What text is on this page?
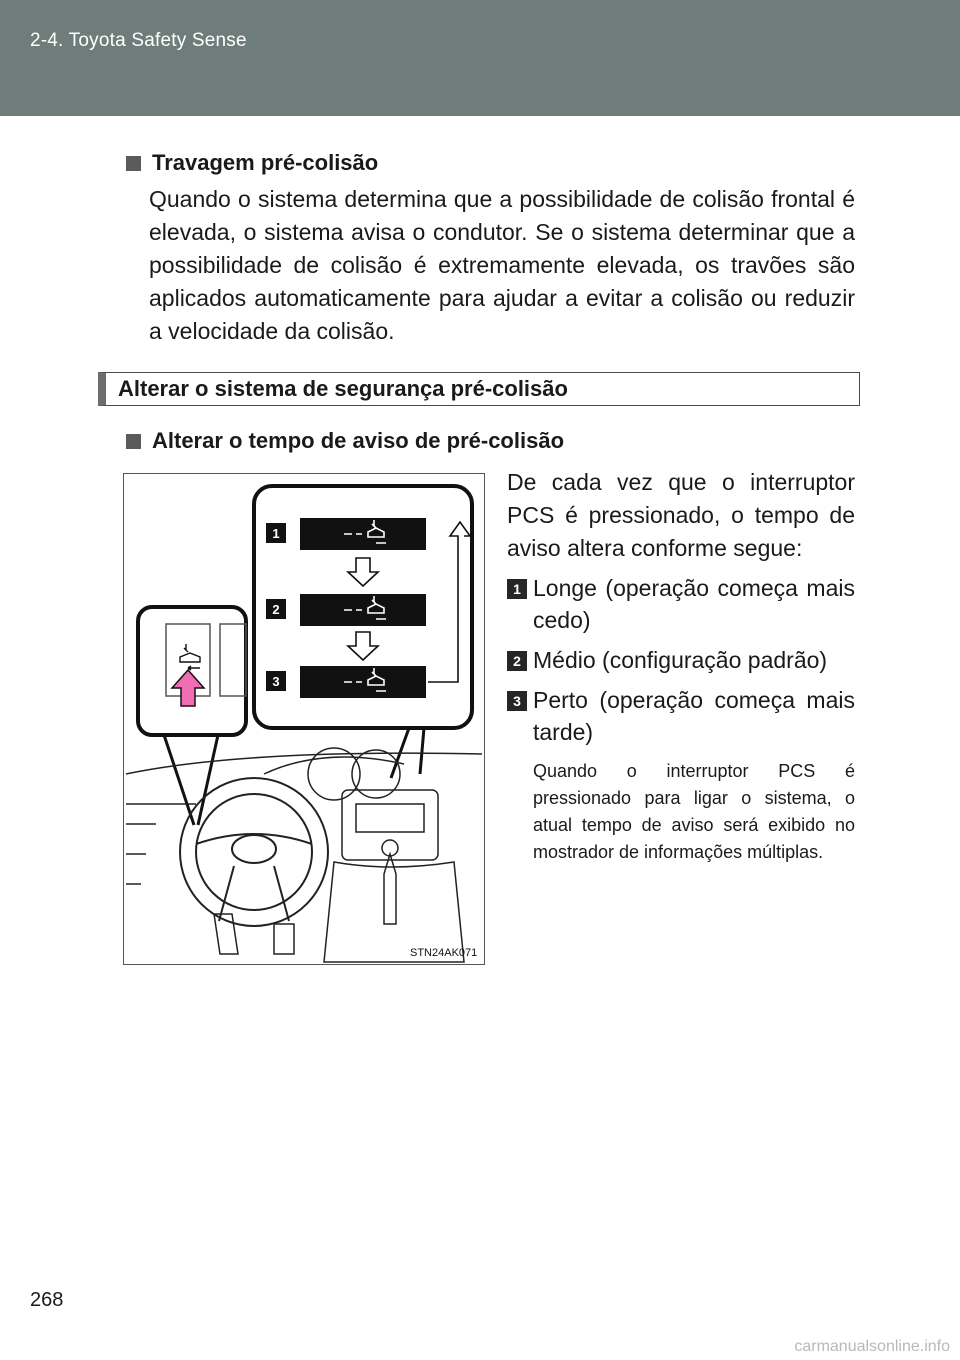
2-4. Toyota Safety Sense
Travagem pré-colisão
Quando o sistema determina que a possibilidade de colisão frontal é elevada, o sistema avisa o condutor. Se o sistema determinar que a possibilidade de colisão é extremamente elevada, os travões são aplicados automaticamente para ajudar a evitar a colisão ou reduzir a velocidade da colisão.
Alterar o sistema de segurança pré-colisão
Alterar o tempo de aviso de pré-colisão
De cada vez que o interruptor PCS é pressionado, o tempo de aviso altera conforme segue:
1
2
3
STN24AK071
1 Longe (operação começa mais cedo)
2 Médio (configuração padrão)
3 Perto (operação começa mais tarde)
Quando o interruptor PCS é pressionado para ligar o sistema, o atual tempo de aviso será exibido no mostrador de informações múltiplas.
268
carmanualsonline.info
